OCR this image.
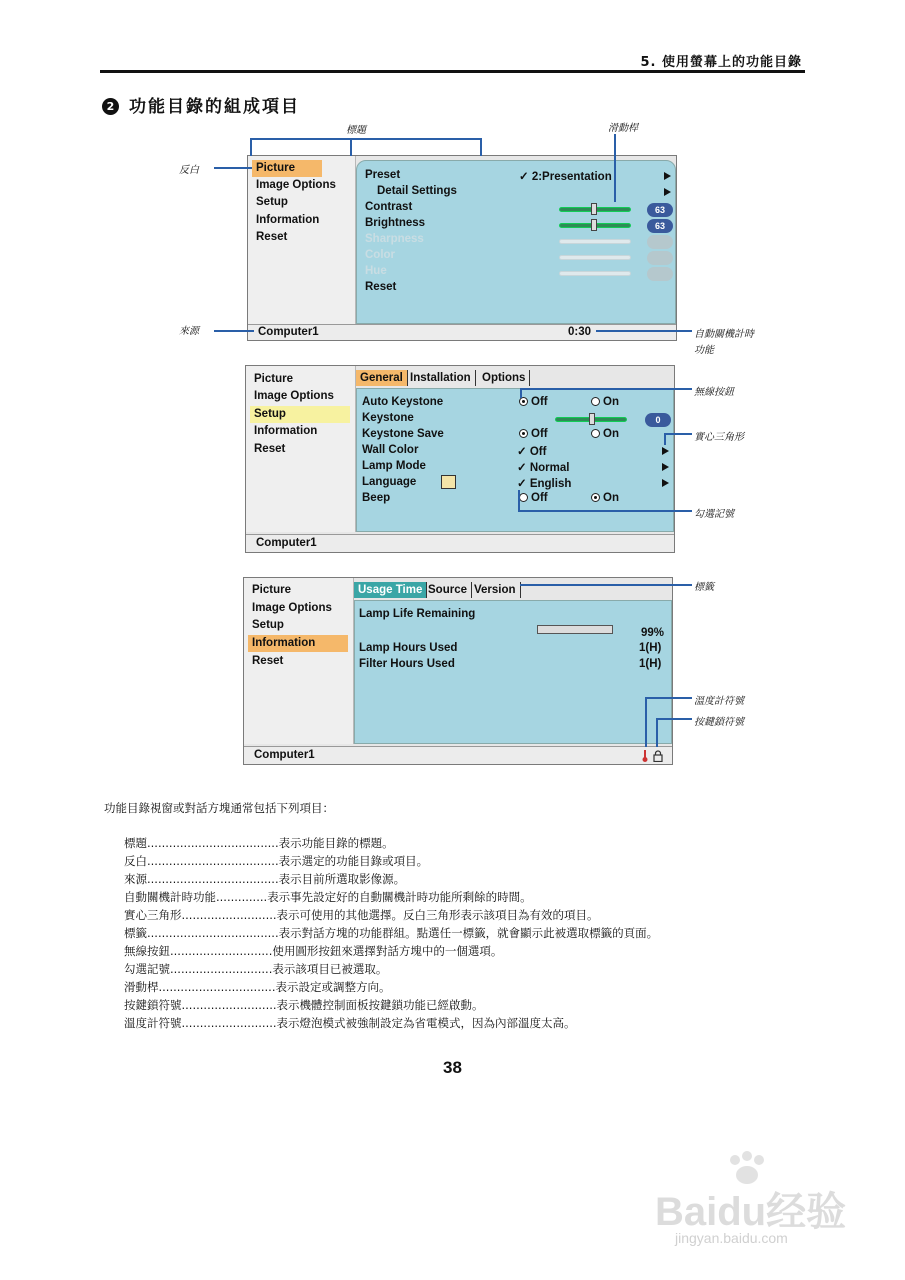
5. 使用螢幕上的功能目錄
2 功能目錄的組成項目
Picture
Image Options
Setup
Information
Reset
Preset	✓ 2:Presentation
Detail Settings
Contrast	63
Brightness	63
Sharpness
Color
Hue
Reset
Computer1	0:30
Picture
Image Options
Setup
Information
Reset
General Installation Options
Auto Keystone	Off	On
Keystone	0
Keystone Save	Off	On
Wall Color	✓ Off
Lamp Mode	✓ Normal
Language	✓ English
Beep	Off	On
Computer1
Picture
Image Options
Setup
Information
Reset
Usage Time Source Version
Lamp Life Remaining
99%
Lamp Hours Used	1(H)
Filter Hours Used	1(H)
Computer1
標題	滑動桿
反白
來源	自動關機計時
功能
無線按鈕
實心三角形
勾選記號
標籤
溫度計符號
按鍵鎖符號
功能目錄視窗或對話方塊通常包括下列項目：
標題....................................表示功能目錄的標題。
反白....................................表示選定的功能目錄或項目。
來源....................................表示目前所選取影像源。
自動關機計時功能..............表示事先設定好的自動關機計時功能所剩餘的時間。
實心三角形..........................表示可使用的其他選擇。反白三角形表示該項目為有效的項目。
標籤....................................表示對話方塊的功能群組。點選任一標籤，就會顯示此被選取標籤的頁面。
無線按鈕............................使用圓形按鈕來選擇對話方塊中的一個選項。
勾選記號............................表示該項目已被選取。
滑動桿................................表示設定或調整方向。
按鍵鎖符號..........................表示機體控制面板按鍵鎖功能已經啟動。
溫度計符號..........................表示燈泡模式被強制設定為省電模式，因為內部溫度太高。
38
Baidu经验
jingyan.baidu.com
